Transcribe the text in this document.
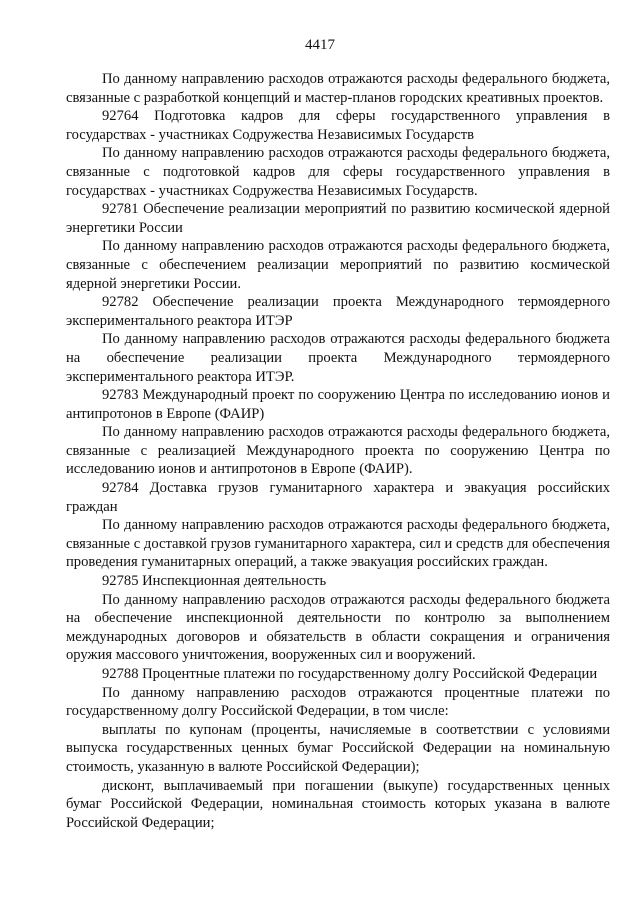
4417

По данному направлению расходов отражаются расходы федерального бюджета, связанные с разработкой концепций и мастер-планов городских креативных проектов.

92764 Подготовка кадров для сферы государственного управления в государствах - участниках Содружества Независимых Государств

По данному направлению расходов отражаются расходы федерального бюджета, связанные с подготовкой кадров для сферы государственного управления в государствах - участниках Содружества Независимых Государств.

92781 Обеспечение реализации мероприятий по развитию космической ядерной энергетики России

По данному направлению расходов отражаются расходы федерального бюджета, связанные с обеспечением реализации мероприятий по развитию космической ядерной энергетики России.

92782 Обеспечение реализации проекта Международного термоядерного экспериментального реактора ИТЭР

По данному направлению расходов отражаются расходы федерального бюджета на обеспечение реализации проекта Международного термоядерного экспериментального реактора ИТЭР.

92783 Международный проект по сооружению Центра по исследованию ионов и антипротонов в Европе (ФАИР)

По данному направлению расходов отражаются расходы федерального бюджета, связанные с реализацией Международного проекта по сооружению Центра по исследованию ионов и антипротонов в Европе (ФАИР).

92784 Доставка грузов гуманитарного характера и эвакуация российских граждан

По данному направлению расходов отражаются расходы федерального бюджета, связанные с доставкой грузов гуманитарного характера, сил и средств для обеспечения проведения гуманитарных операций, а также эвакуация российских граждан.

92785 Инспекционная деятельность

По данному направлению расходов отражаются расходы федерального бюджета на обеспечение инспекционной деятельности по контролю за выполнением международных договоров и обязательств в области сокращения и ограничения оружия массового уничтожения, вооруженных сил и вооружений.

92788 Процентные платежи по государственному долгу Российской Федерации

По данному направлению расходов отражаются процентные платежи по государственному долгу Российской Федерации, в том числе:

выплаты по купонам (проценты, начисляемые в соответствии с условиями выпуска государственных ценных бумаг Российской Федерации на номинальную стоимость, указанную в валюте Российской Федерации);

дисконт, выплачиваемый при погашении (выкупе) государственных ценных бумаг Российской Федерации, номинальная стоимость которых указана в валюте Российской Федерации;
